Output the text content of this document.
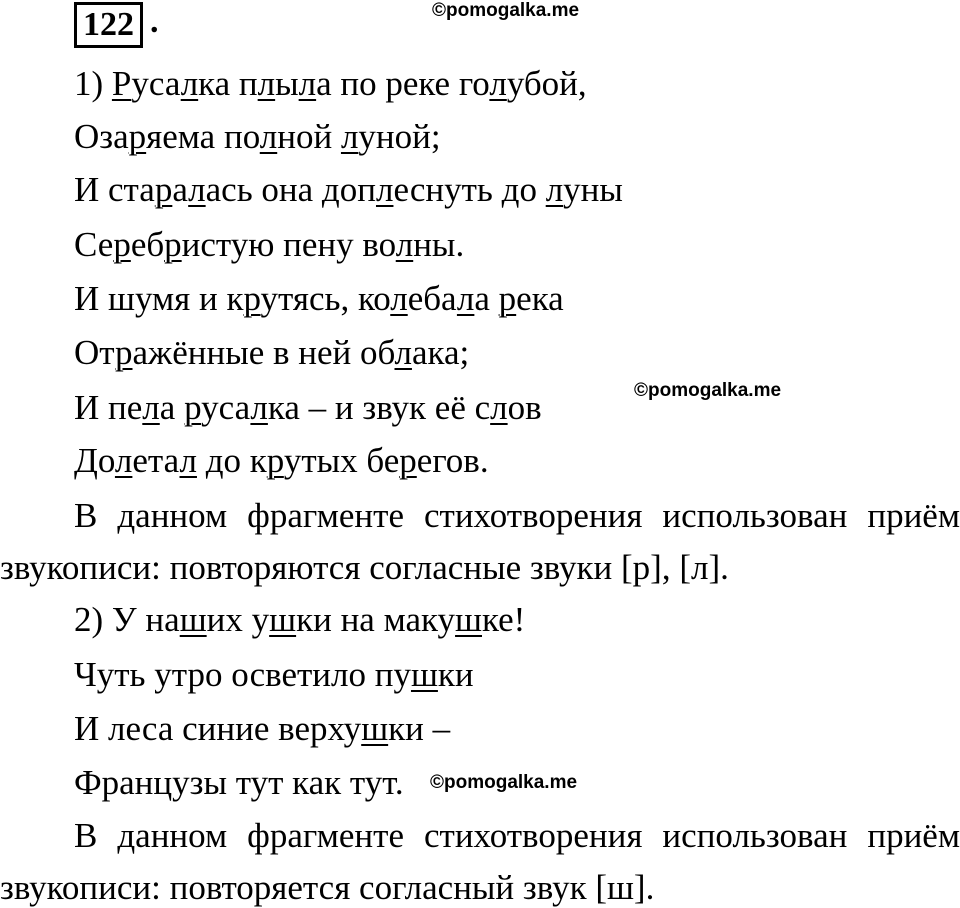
122 .	©pomogalka.me
©pomogalka.me
©pomogalka.me
1) Русалка плыла по реке голубой,
Озаряема полной луной;
И старалась она доплеснуть до луны
Серебристую пену волны.
И шумя и крутясь, колебала река
Отражённые в ней облака;
И пела русалка – и звук её слов
Долетал до крутых берегов.
В данном фрагменте стихотворения использован приём
звукописи: повторяются согласные звуки [р], [л].
2) У наших ушки на макушке!
Чуть утро осветило пушки
И леса синие верхушки –
Французы тут как тут.
В данном фрагменте стихотворения использован приём
звукописи: повторяется согласный звук [ш].
